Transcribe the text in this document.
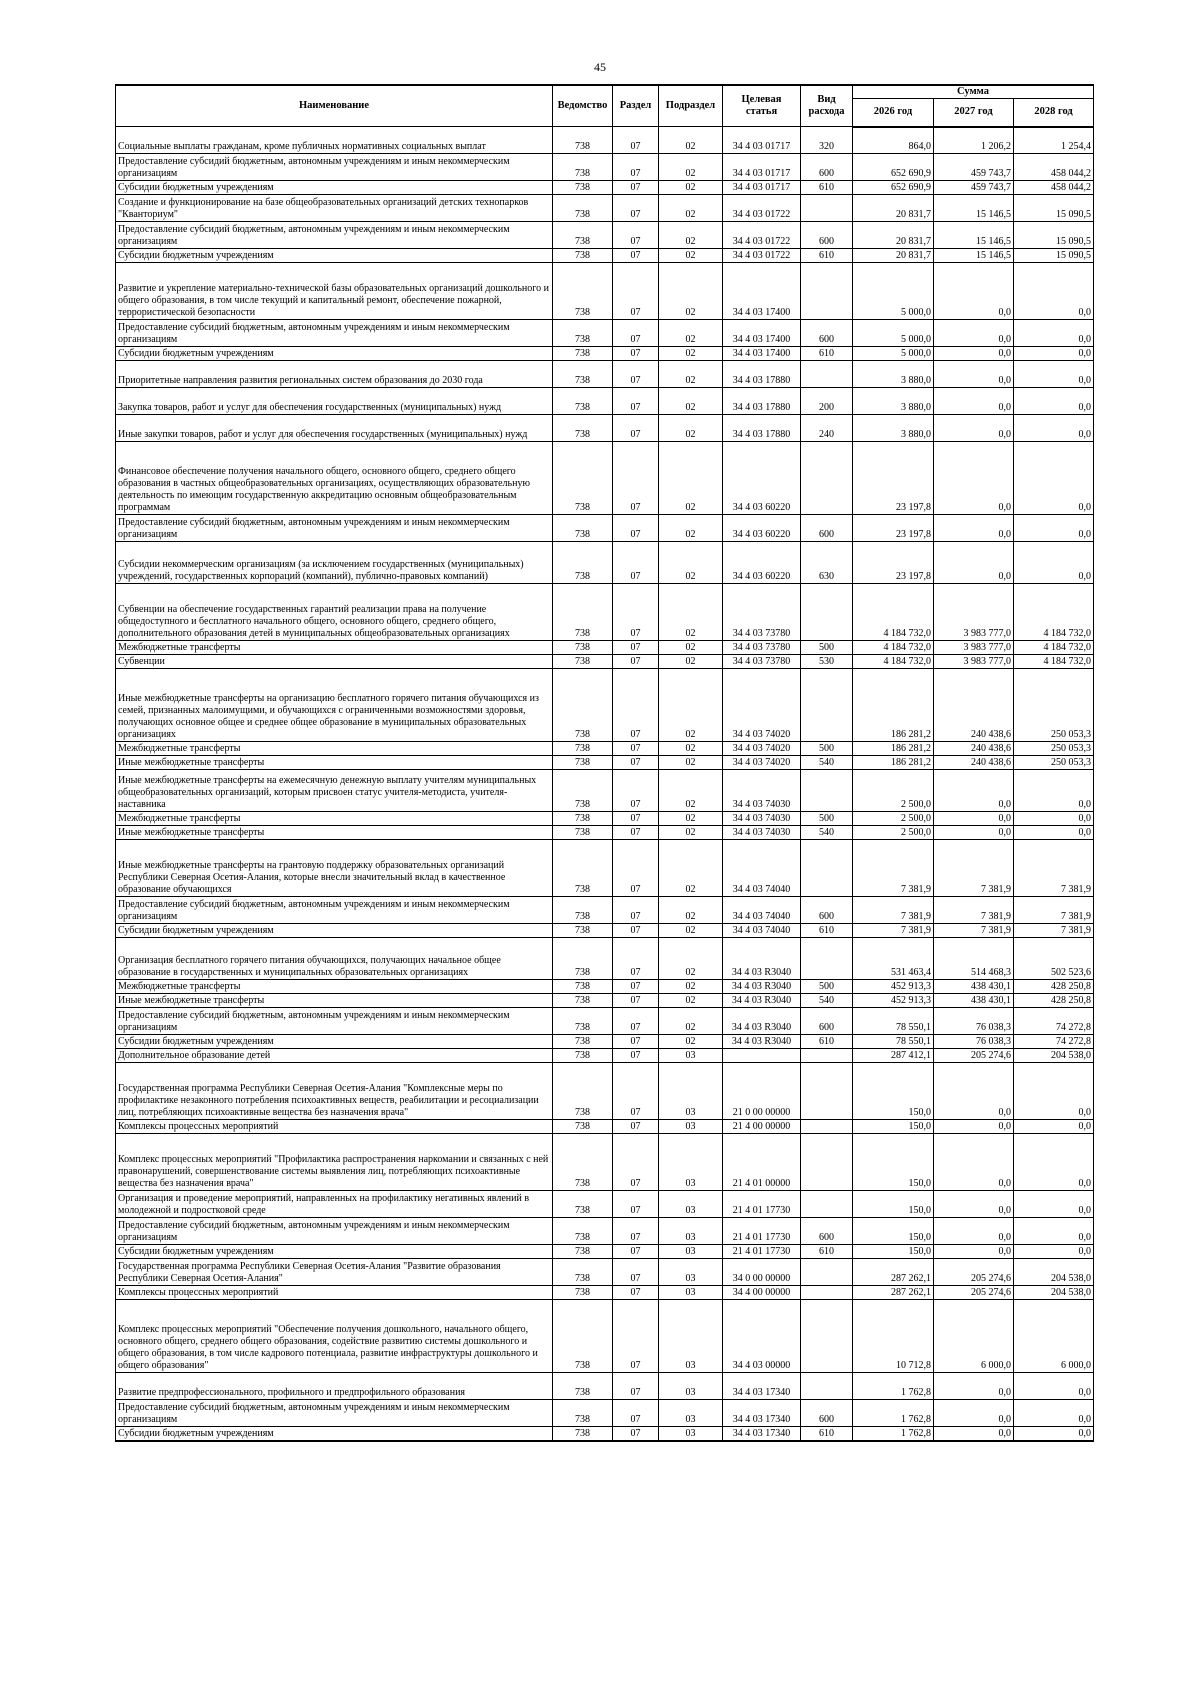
45
Наименование	Ведомство	Раздел	Подраздел	Целевая статья	Вид расхода	Сумма		
						2026 год	2027 год	2028 год
Социальные выплаты гражданам, кроме публичных нормативных социальных выплат	738	07	02	34 4 03 01717	320	864,0	1 206,2	1 254,4
Предоставление субсидий бюджетным, автономным учреждениям и иным некоммерческим организациям	738	07	02	34 4 03 01717	600	652 690,9	459 743,7	458 044,2
Субсидии бюджетным учреждениям	738	07	02	34 4 03 01717	610	652 690,9	459 743,7	458 044,2
Создание и функционирование на базе общеобразовательных организаций детских технопарков "Кванториум"	738	07	02	34 4 03 01722		20 831,7	15 146,5	15 090,5
Предоставление субсидий бюджетным, автономным учреждениям и иным некоммерческим организациям	738	07	02	34 4 03 01722	600	20 831,7	15 146,5	15 090,5
Субсидии бюджетным учреждениям	738	07	02	34 4 03 01722	610	20 831,7	15 146,5	15 090,5
Развитие и укрепление материально-технической базы образовательных организаций дошкольного и общего образования, в том числе текущий и капитальный ремонт, обеспечение пожарной, террористической безопасности	738	07	02	34 4 03 17400		5 000,0	0,0	0,0
Предоставление субсидий бюджетным, автономным учреждениям и иным некоммерческим организациям	738	07	02	34 4 03 17400	600	5 000,0	0,0	0,0
Субсидии бюджетным учреждениям	738	07	02	34 4 03 17400	610	5 000,0	0,0	0,0
Приоритетные направления развития региональных систем образования до 2030 года	738	07	02	34 4 03 17880		3 880,0	0,0	0,0
Закупка товаров, работ и услуг для обеспечения государственных (муниципальных) нужд	738	07	02	34 4 03 17880	200	3 880,0	0,0	0,0
Иные закупки товаров, работ и услуг для обеспечения государственных (муниципальных) нужд	738	07	02	34 4 03 17880	240	3 880,0	0,0	0,0
Финансовое обеспечение получения начального общего, основного общего, среднего общего образования в частных общеобразовательных организациях, осуществляющих образовательную деятельность по имеющим государственную аккредитацию основным общеобразовательным программам	738	07	02	34 4 03 60220		23 197,8	0,0	0,0
Предоставление субсидий бюджетным, автономным учреждениям и иным некоммерческим организациям	738	07	02	34 4 03 60220	600	23 197,8	0,0	0,0
Субсидии некоммерческим организациям (за исключением государственных (муниципальных) учреждений, государственных корпораций (компаний), публично-правовых компаний)	738	07	02	34 4 03 60220	630	23 197,8	0,0	0,0
Субвенции на обеспечение государственных гарантий реализации права на получение общедоступного и бесплатного начального общего, основного общего, среднего общего, дополнительного образования детей в муниципальных общеобразовательных организациях	738	07	02	34 4 03 73780		4 184 732,0	3 983 777,0	4 184 732,0
Межбюджетные трансферты	738	07	02	34 4 03 73780	500	4 184 732,0	3 983 777,0	4 184 732,0
Субвенции	738	07	02	34 4 03 73780	530	4 184 732,0	3 983 777,0	4 184 732,0
Иные межбюджетные трансферты на организацию бесплатного горячего питания обучающихся из семей, признанных малоимущими, и обучающихся с ограниченными возможностями здоровья, получающих основное общее и среднее общее образование в муниципальных образовательных организациях	738	07	02	34 4 03 74020		186 281,2	240 438,6	250 053,3
Межбюджетные трансферты	738	07	02	34 4 03 74020	500	186 281,2	240 438,6	250 053,3
Иные межбюджетные трансферты	738	07	02	34 4 03 74020	540	186 281,2	240 438,6	250 053,3
Иные межбюджетные трансферты на ежемесячную денежную выплату учителям муниципальных общеобразовательных организаций, которым присвоен статус учителя-методиста, учителя-наставника	738	07	02	34 4 03 74030		2 500,0	0,0	0,0
Межбюджетные трансферты	738	07	02	34 4 03 74030	500	2 500,0	0,0	0,0
Иные межбюджетные трансферты	738	07	02	34 4 03 74030	540	2 500,0	0,0	0,0
Иные межбюджетные трансферты на грантовую поддержку образовательных организаций Республики Северная Осетия-Алания, которые внесли значительный вклад в качественное образование обучающихся	738	07	02	34 4 03 74040		7 381,9	7 381,9	7 381,9
Предоставление субсидий бюджетным, автономным учреждениям и иным некоммерческим организациям	738	07	02	34 4 03 74040	600	7 381,9	7 381,9	7 381,9
Субсидии бюджетным учреждениям	738	07	02	34 4 03 74040	610	7 381,9	7 381,9	7 381,9
Организация бесплатного горячего питания обучающихся, получающих начальное общее образование в государственных и муниципальных образовательных организациях	738	07	02	34 4 03 R3040		531 463,4	514 468,3	502 523,6
Межбюджетные трансферты	738	07	02	34 4 03 R3040	500	452 913,3	438 430,1	428 250,8
Иные межбюджетные трансферты	738	07	02	34 4 03 R3040	540	452 913,3	438 430,1	428 250,8
Предоставление субсидий бюджетным, автономным учреждениям и иным некоммерческим организациям	738	07	02	34 4 03 R3040	600	78 550,1	76 038,3	74 272,8
Субсидии бюджетным учреждениям	738	07	02	34 4 03 R3040	610	78 550,1	76 038,3	74 272,8
Дополнительное образование детей	738	07	03			287 412,1	205 274,6	204 538,0
Государственная программа Республики Северная Осетия-Алания "Комплексные меры по профилактике незаконного потребления психоактивных веществ, реабилитации и ресоциализации лиц, потребляющих психоактивные вещества без назначения врача"	738	07	03	21 0 00 00000		150,0	0,0	0,0
Комплексы процессных мероприятий	738	07	03	21 4 00 00000		150,0	0,0	0,0
Комплекс процессных мероприятий "Профилактика распространения наркомании и связанных с ней правонарушений, совершенствование системы выявления лиц, потребляющих психоактивные вещества без назначения врача"	738	07	03	21 4 01 00000		150,0	0,0	0,0
Организация и проведение мероприятий, направленных на профилактику негативных явлений в молодежной и подростковой среде	738	07	03	21 4 01 17730		150,0	0,0	0,0
Предоставление субсидий бюджетным, автономным учреждениям и иным некоммерческим организациям	738	07	03	21 4 01 17730	600	150,0	0,0	0,0
Субсидии бюджетным учреждениям	738	07	03	21 4 01 17730	610	150,0	0,0	0,0
Государственная программа Республики Северная Осетия-Алания "Развитие образования Республики Северная Осетия-Алания"	738	07	03	34 0 00 00000		287 262,1	205 274,6	204 538,0
Комплексы процессных мероприятий	738	07	03	34 4 00 00000		287 262,1	205 274,6	204 538,0
Комплекс процессных мероприятий "Обеспечение получения дошкольного, начального общего, основного общего, среднего общего образования, содействие развитию системы дошкольного и общего образования, в том числе кадрового потенциала, развитие инфраструктуры дошкольного и общего образования"	738	07	03	34 4 03 00000		10 712,8	6 000,0	6 000,0
Развитие предпрофессионального, профильного и предпрофильного образования	738	07	03	34 4 03 17340		1 762,8	0,0	0,0
Предоставление субсидий бюджетным, автономным учреждениям и иным некоммерческим организациям	738	07	03	34 4 03 17340	600	1 762,8	0,0	0,0
Субсидии бюджетным учреждениям	738	07	03	34 4 03 17340	610	1 762,8	0,0	0,0
